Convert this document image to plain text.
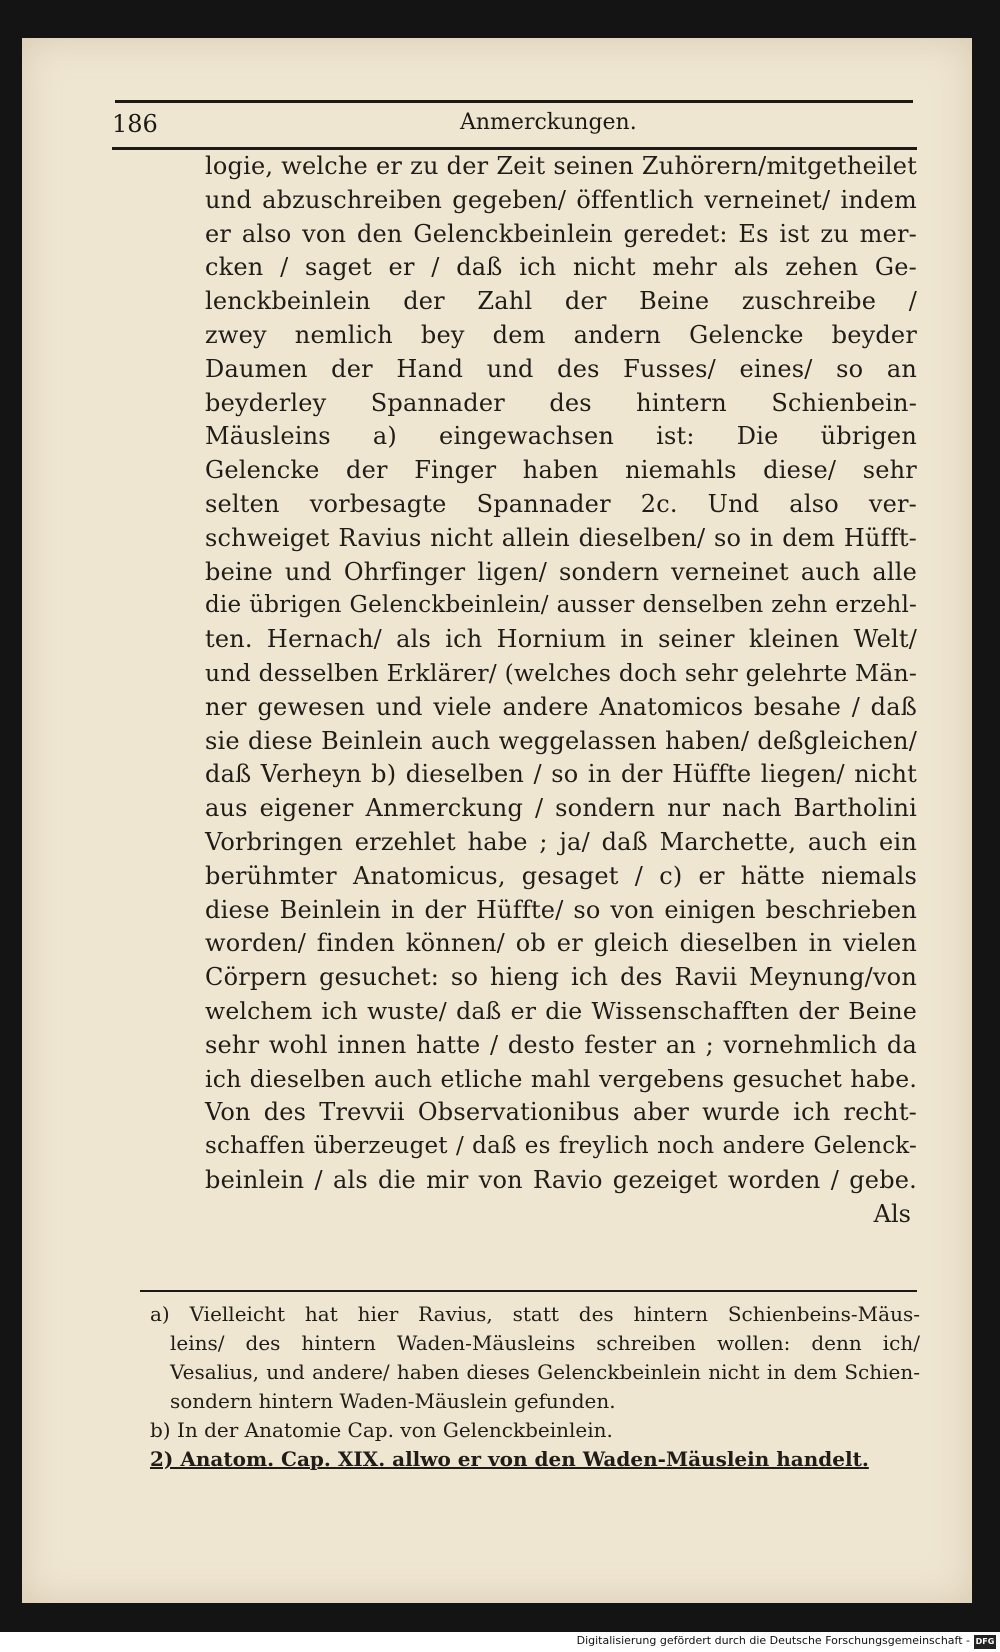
186	Anmerckungen.
logie, welche er zu der Zeit seinen Zuhörern/mitgetheilet
und abzuschreiben gegeben/ öffentlich verneinet/ indem
er also von den Gelenckbeinlein geredet: Es ist zu mer-
cken / saget er / daß ich nicht mehr als zehen Ge-
lenckbeinlein der Zahl der Beine zuschreibe /
zwey nemlich bey dem andern Gelencke beyder
Daumen der Hand und des Fusses/ eines/ so an
beyderley Spannader des hintern Schienbein-
Mäusleins a) eingewachsen ist: Die übrigen
Gelencke der Finger haben niemahls diese/ sehr
selten vorbesagte Spannader 2c. Und also ver-
schweiget Ravius nicht allein dieselben/ so in dem Hüfft-
beine und Ohrfinger ligen/ sondern verneinet auch alle
die übrigen Gelenckbeinlein/ ausser denselben zehn erzehl-
ten. Hernach/ als ich Hornium in seiner kleinen Welt/
und desselben Erklärer/ (welches doch sehr gelehrte Män-
ner gewesen und viele andere Anatomicos besahe / daß
sie diese Beinlein auch weggelassen haben/ deßgleichen/
daß Verheyn b) dieselben / so in der Hüffte liegen/ nicht
aus eigener Anmerckung / sondern nur nach Bartholini
Vorbringen erzehlet habe ; ja/ daß Marchette, auch ein
berühmter Anatomicus, gesaget / c) er hätte niemals
diese Beinlein in der Hüffte/ so von einigen beschrieben
worden/ finden können/ ob er gleich dieselben in vielen
Cörpern gesuchet: so hieng ich des Ravii Meynung/von
welchem ich wuste/ daß er die Wissenschafften der Beine
sehr wohl innen hatte / desto fester an ; vornehmlich da
ich dieselben auch etliche mahl vergebens gesuchet habe.
Von des Trevvii Observationibus aber wurde ich recht-
schaffen überzeuget / daß es freylich noch andere Gelenck-
beinlein / als die mir von Ravio gezeiget worden / gebe.
Als
a) Vielleicht hat hier Ravius, statt des hintern Schienbeins-Mäus-
leins/ des hintern Waden-Mäusleins schreiben wollen: denn ich/
Vesalius, und andere/ haben dieses Gelenckbeinlein nicht in dem Schien-
sondern hintern Waden-Mäuslein gefunden.
b) In der Anatomie Cap. von Gelenckbeinlein.
2) Anatom. Cap. XIX. allwo er von den Waden-Mäuslein handelt.
Digitalisierung gefördert durch die Deutsche Forschungsgemeinschaft - DFG
